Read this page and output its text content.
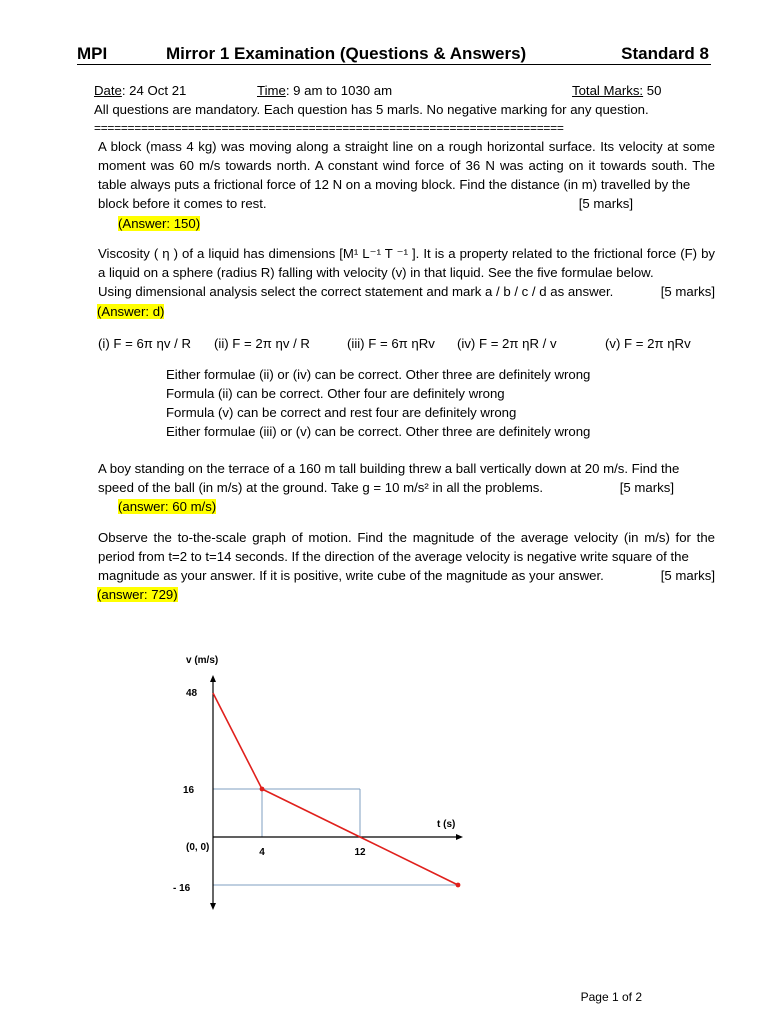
MPI	Mirror 1 Examination (Questions & Answers)	Standard 8
Date: 24 Oct 21	Time: 9 am to 1030 am	Total Marks: 50
All questions are mandatory. Each question has 5 marls. No negative marking for any question.
======================================================================
A block (mass 4 kg) was moving along a straight line on a rough horizontal surface. Its velocity at some moment was 60 m/s towards north. A constant wind force of 36 N was acting on it towards south. The table always puts a frictional force of 12 N on a moving block. Find the distance (in m) travelled by the
block before it comes to rest.	[5 marks]
(Answer: 150)
Viscosity ( η ) of a liquid has dimensions [M¹ L⁻¹ T ⁻¹ ]. It is a property related to the frictional force (F) by a liquid on a sphere (radius R) falling with velocity (v) in that liquid. See the five formulae below.
Using dimensional analysis select the correct statement and mark a / b / c / d as answer.	[5 marks]
(Answer: d)
(i) F = 6π ηv / R (ii) F = 2π ηv / R	(iii) F = 6π ηRv (iv) F = 2π ηR / v	(v) F = 2π ηRv
Either formulae (ii) or (iv) can be correct. Other three are definitely wrong
Formula (ii) can be correct. Other four are definitely wrong
Formula (v) can be correct and rest four are definitely wrong
Either formulae (iii) or (v) can be correct. Other three are definitely wrong
A boy standing on the terrace of a 160 m tall building threw a ball vertically down at 20 m/s. Find the
speed of the ball (in m/s) at the ground. Take g = 10 m/s² in all the problems.	[5 marks]
(answer: 60 m/s)
Observe the to-the-scale graph of motion. Find the magnitude of the average velocity (in m/s) for the period from t=2 to t=14 seconds. If the direction of the average velocity is negative write square of the
magnitude as your answer. If it is positive, write cube of the magnitude as your answer.	[5 marks]
(answer: 729)
v (m/s)
t (s)
(0, 0)
48
16
- 16
4	12
Page 1 of 2
